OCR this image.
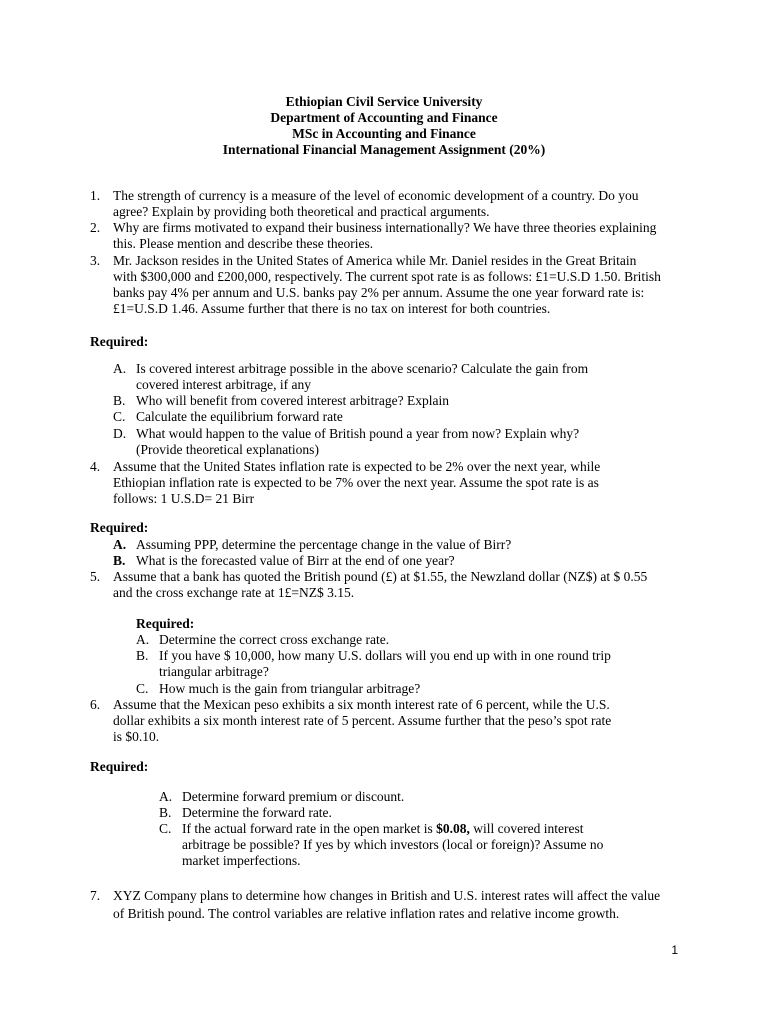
Ethiopian Civil Service University
Department of Accounting and Finance
MSc in Accounting and Finance
International Financial Management Assignment (20%)
1. The strength of currency is a measure of the level of economic development of a country. Do you
agree? Explain by providing both theoretical and practical arguments.
2. Why are firms motivated to expand their business internationally? We have three theories explaining
this. Please mention and describe these theories.
3. Mr. Jackson resides in the United States of America while Mr. Daniel resides in the Great Britain
with $300,000 and £200,000, respectively. The current spot rate is as follows: £1=U.S.D 1.50. British
banks pay 4% per annum and U.S. banks pay 2% per annum. Assume the one year forward rate is:
£1=U.S.D 1.46. Assume further that there is no tax on interest for both countries.
Required:
A. Is covered interest arbitrage possible in the above scenario? Calculate the gain from
covered interest arbitrage, if any
B. Who will benefit from covered interest arbitrage? Explain
C. Calculate the equilibrium forward rate
D. What would happen to the value of British pound a year from now? Explain why?
(Provide theoretical explanations)
4. Assume that the United States inflation rate is expected to be 2% over the next year, while
Ethiopian inflation rate is expected to be 7% over the next year. Assume the spot rate is as
follows: 1 U.S.D= 21 Birr
Required:
A. Assuming PPP, determine the percentage change in the value of Birr?
B. What is the forecasted value of Birr at the end of one year?
5. Assume that a bank has quoted the British pound (£) at $1.55, the Newzland dollar (NZ$) at $ 0.55
and the cross exchange rate at 1£=NZ$ 3.15.
Required:
A. Determine the correct cross exchange rate.
B. If you have $ 10,000, how many U.S. dollars will you end up with in one round trip
triangular arbitrage?
C. How much is the gain from triangular arbitrage?
6. Assume that the Mexican peso exhibits a six month interest rate of 6 percent, while the U.S.
dollar exhibits a six month interest rate of 5 percent. Assume further that the peso’s spot rate
is $0.10.
Required:
A. Determine forward premium or discount.
B. Determine the forward rate.
C. If the actual forward rate in the open market is $0.08, will covered interest
arbitrage be possible? If yes by which investors (local or foreign)? Assume no
market imperfections.
7. XYZ Company plans to determine how changes in British and U.S. interest rates will affect the value
of British pound. The control variables are relative inflation rates and relative income growth.
1
